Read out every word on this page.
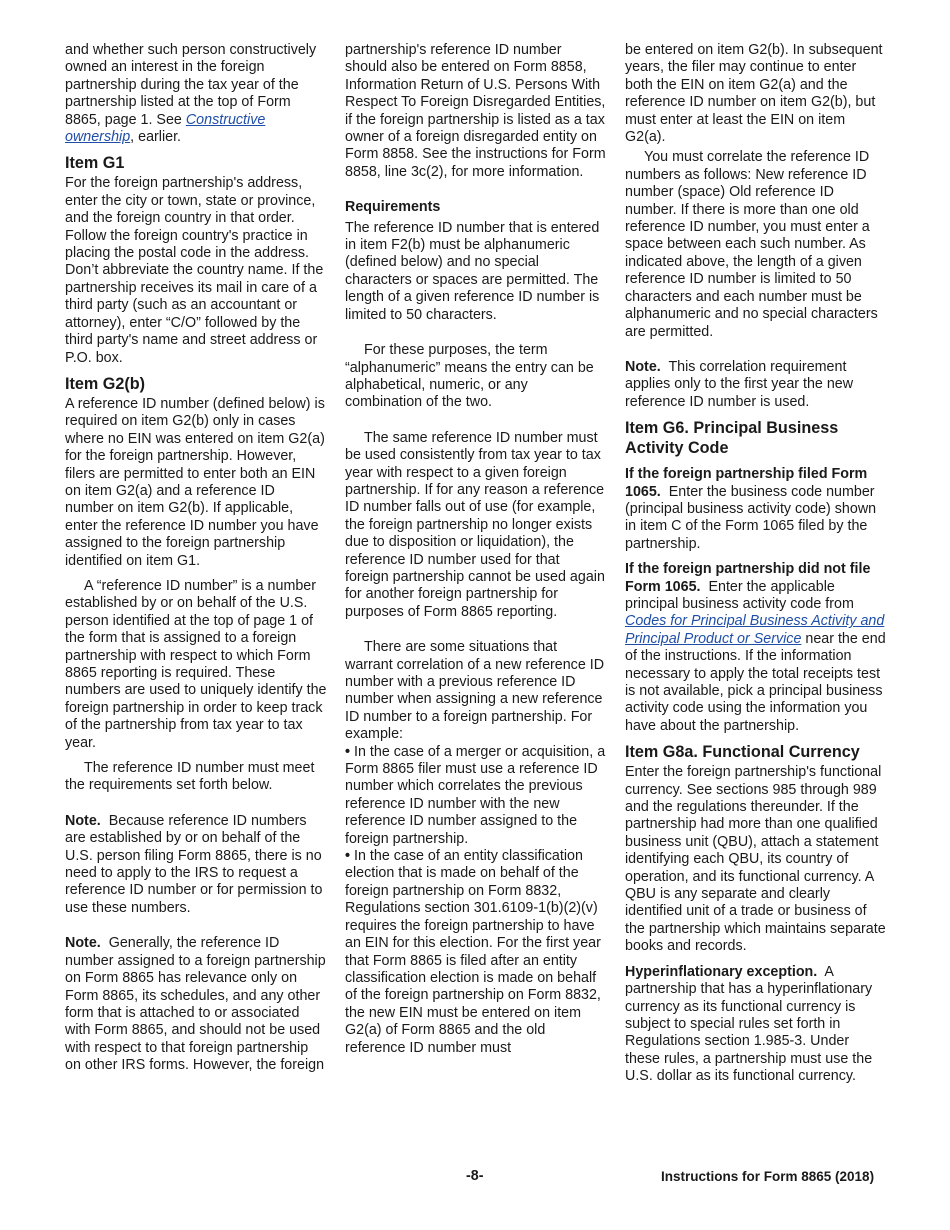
and whether such person constructively owned an interest in the foreign partnership during the tax year of the partnership listed at the top of Form 8865, page 1. See Constructive ownership, earlier.

Item G1

For the foreign partnership's address, enter the city or town, state or province, and the foreign country in that order. Follow the foreign country's practice in placing the postal code in the address. Don’t abbreviate the country name. If the partnership receives its mail in care of a third party (such as an accountant or attorney), enter “C/O” followed by the third party's name and street address or P.O. box.

Item G2(b)

A reference ID number (defined below) is required on item G2(b) only in cases where no EIN was entered on item G2(a) for the foreign partnership. However, filers are permitted to enter both an EIN on item G2(a) and a reference ID number on item G2(b). If applicable, enter the reference ID number you have assigned to the foreign partnership identified on item G1.

A “reference ID number” is a number established by or on behalf of the U.S. person identified at the top of page 1 of the form that is assigned to a foreign partnership with respect to which Form 8865 reporting is required. These numbers are used to uniquely identify the foreign partnership in order to keep track of the partnership from tax year to tax year.

The reference ID number must meet the requirements set forth below.

Note. Because reference ID numbers are established by or on behalf of the U.S. person filing Form 8865, there is no need to apply to the IRS to request a reference ID number or for permission to use these numbers.

Note. Generally, the reference ID number assigned to a foreign partnership on Form 8865 has relevance only on Form 8865, its schedules, and any other form that is attached to or associated with Form 8865, and should not be used with respect to that foreign partnership on other IRS forms. However, the foreign

partnership's reference ID number should also be entered on Form 8858, Information Return of U.S. Persons With Respect To Foreign Disregarded Entities, if the foreign partnership is listed as a tax owner of a foreign disregarded entity on Form 8858. See the instructions for Form 8858, line 3c(2), for more information.

Requirements

The reference ID number that is entered in item F2(b) must be alphanumeric (defined below) and no special characters or spaces are permitted. The length of a given reference ID number is limited to 50 characters.

For these purposes, the term “alphanumeric” means the entry can be alphabetical, numeric, or any combination of the two.

The same reference ID number must be used consistently from tax year to tax year with respect to a given foreign partnership. If for any reason a reference ID number falls out of use (for example, the foreign partnership no longer exists due to disposition or liquidation), the reference ID number used for that foreign partnership cannot be used again for another foreign partnership for purposes of Form 8865 reporting.

There are some situations that warrant correlation of a new reference ID number with a previous reference ID number when assigning a new reference ID number to a foreign partnership. For example:

• In the case of a merger or acquisition, a Form 8865 filer must use a reference ID number which correlates the previous reference ID number with the new reference ID number assigned to the foreign partnership.

• In the case of an entity classification election that is made on behalf of the foreign partnership on Form 8832, Regulations section 301.6109-1(b)(2)(v) requires the foreign partnership to have an EIN for this election. For the first year that Form 8865 is filed after an entity classification election is made on behalf of the foreign partnership on Form 8832, the new EIN must be entered on item G2(a) of Form 8865 and the old reference ID number must

be entered on item G2(b). In subsequent years, the filer may continue to enter both the EIN on item G2(a) and the reference ID number on item G2(b), but must enter at least the EIN on item G2(a).

You must correlate the reference ID numbers as follows: New reference ID number (space) Old reference ID number. If there is more than one old reference ID number, you must enter a space between each such number. As indicated above, the length of a given reference ID number is limited to 50 characters and each number must be alphanumeric and no special characters are permitted.

Note. This correlation requirement applies only to the first year the new reference ID number is used.

Item G6. Principal Business Activity Code

If the foreign partnership filed Form 1065. Enter the business code number (principal business activity code) shown in item C of the Form 1065 filed by the partnership.

If the foreign partnership did not file Form 1065. Enter the applicable principal business activity code from Codes for Principal Business Activity and Principal Product or Service near the end of the instructions. If the information necessary to apply the total receipts test is not available, pick a principal business activity code using the information you have about the partnership.

Item G8a. Functional Currency

Enter the foreign partnership's functional currency. See sections 985 through 989 and the regulations thereunder. If the partnership had more than one qualified business unit (QBU), attach a statement identifying each QBU, its country of operation, and its functional currency. A QBU is any separate and clearly identified unit of a trade or business of the partnership which maintains separate books and records.

Hyperinflationary exception. A partnership that has a hyperinflationary currency as its functional currency is subject to special rules set forth in Regulations section 1.985-3. Under these rules, a partnership must use the U.S. dollar as its functional currency.

-8-	Instructions for Form 8865 (2018)
